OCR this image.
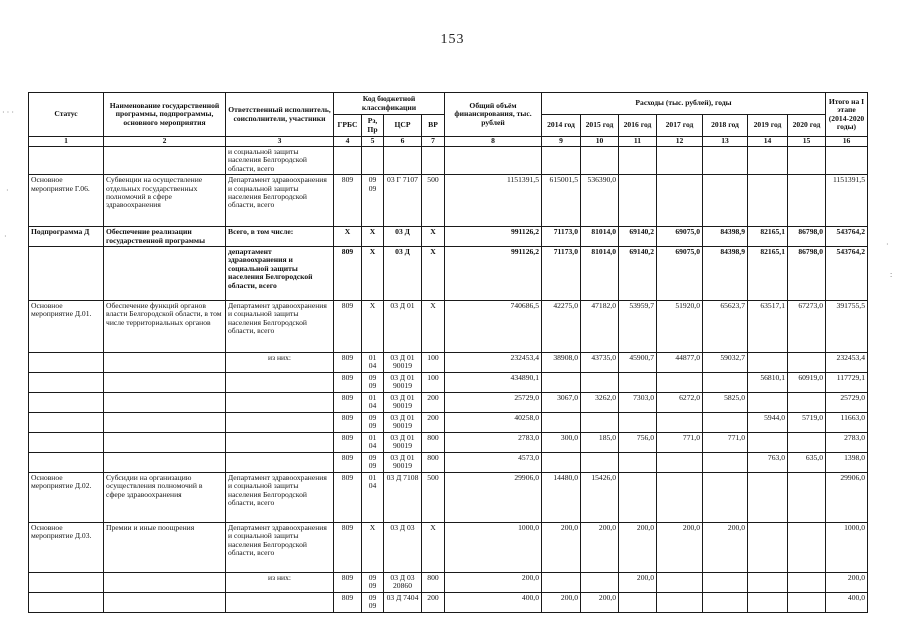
153
· · ·
·
·
·
:
Статус	Наименование государственной программы, подпрограммы, основного мероприятия	Ответственный исполнитель, соисполнители, участники	Код бюджетной классификации				Общий объём финансирования, тыс. рублей	Расходы (тыс. рублей), годы							Итого на I этапе (2014-2020 годы)
			ГРБС	Рз, Пр	ЦСР	ВР		2014 год	2015 год	2016 год	2017 год	2018 год	2019 год	2020 год	
1	2	3	4	5	6	7	8	9	10	11	12	13	14	15	16
		и социальной защиты населения Белгородской области, всего													
Основное мероприятие Г.06.	Субвенции на осуществление отдельных государственных полномочий в сфере здравоохранения	Департамент здравоохранения и социальной защиты населения Белгородской области, всего	809	09 09	03 Г 7107	500	1151391,5	615001,5	536390,0						1151391,5
Подпрограмма Д	Обеспечение реализации государственной программы	Всего, в том числе:	Х	Х	03 Д	Х	991126,2	71173,0	81014,0	69140,2	69075,0	84398,9	82165,1	86798,0	543764,2
		департамент здравоохранения и социальной защиты населения Белгородской области, всего	809	Х	03 Д	Х	991126,2	71173,0	81014,0	69140,2	69075,0	84398,9	82165,1	86798,0	543764,2
Основное мероприятие Д.01.	Обеспечение функций органов власти Белгородской области, в том числе территориальных органов	Департамент здравоохранения и социальной защиты населения Белгородской области, всего	809	Х	03 Д 01	Х	740686,5	42275,0	47182,0	53959,7	51920,0	65623,7	63517,1	67273,0	391755,5
		из них:	809	01 04	03 Д 01 90019	100	232453,4	38908,0	43735,0	45900,7	44877,0	59032,7			232453,4
			809	09 09	03 Д 01 90019	100	434890,1						56810,1	60919,0	117729,1
			809	01 04	03 Д 01 90019	200	25729,0	3067,0	3262,0	7303,0	6272,0	5825,0			25729,0
			809	09 09	03 Д 01 90019	200	40258,0						5944,0	5719,0	11663,0
			809	01 04	03 Д 01 90019	800	2783,0	300,0	185,0	756,0	771,0	771,0			2783,0
			809	09 09	03 Д 01 90019	800	4573,0						763,0	635,0	1398,0
Основное мероприятие Д.02.	Субсидии на организацию осуществления полномочий в сфере здравоохранения	Департамент здравоохранения и социальной защиты населения Белгородской области, всего	809	01 04	03 Д 7108	500	29906,0	14480,0	15426,0						29906,0
Основное мероприятие Д.03.	Премии и иные поощрения	Департамент здравоохранения и социальной защиты населения Белгородской области, всего	809	Х	03 Д 03	Х	1000,0	200,0	200,0	200,0	200,0	200,0			1000,0
		из них:	809	09 09	03 Д 03 20860	800	200,0			200,0					200,0
			809	09 09	03 Д 7404	200	400,0	200,0	200,0						400,0
